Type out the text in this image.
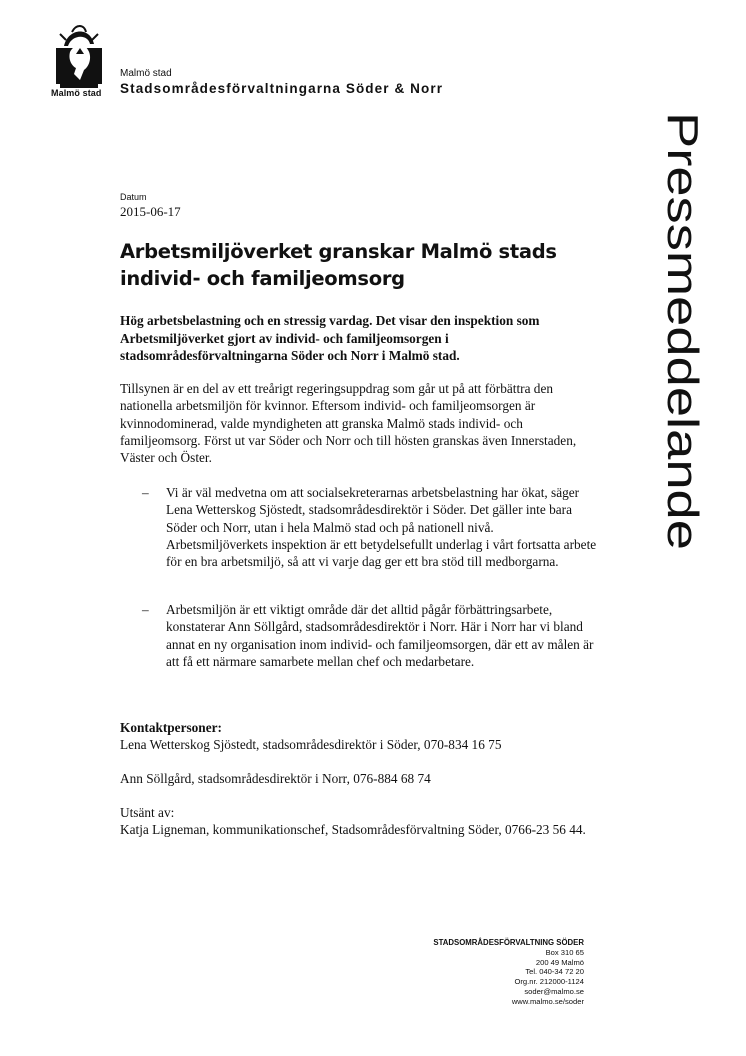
Malmö stad
Malmö stad
Stadsområdesförvaltningarna Söder & Norr
Pressmeddelande
Datum
2015-06-17
Arbetsmiljöverket granskar Malmö stads
individ- och familjeomsorg
Hög arbetsbelastning och en stressig vardag. Det visar den inspektion som Arbetsmiljöverket gjort av individ- och familjeomsorgen i stadsområdesförvaltningarna Söder och Norr i Malmö stad.
Tillsynen är en del av ett treårigt regeringsuppdrag som går ut på att förbättra den nationella arbetsmiljön för kvinnor. Eftersom individ- och familjeomsorgen är kvinnodominerad, valde myndigheten att granska Malmö stads individ- och familjeomsorg. Först ut var Söder och Norr och till hösten granskas även Innerstaden, Väster och Öster.
– Vi är väl medvetna om att socialsekreterarnas arbetsbelastning har ökat, säger Lena Wetterskog Sjöstedt, stadsområdesdirektör i Söder. Det gäller inte bara Söder och Norr, utan i hela Malmö stad och på nationell nivå. Arbetsmiljöverkets inspektion är ett betydelsefullt underlag i vårt fortsatta arbete för en bra arbetsmiljö, så att vi varje dag ger ett bra stöd till medborgarna.
– Arbetsmiljön är ett viktigt område där det alltid pågår förbättringsarbete, konstaterar Ann Söllgård, stadsområdesdirektör i Norr. Här i Norr har vi bland annat en ny organisation inom individ- och familjeomsorgen, där ett av målen är att få ett närmare samarbete mellan chef och medarbetare.
Kontaktpersoner:
Lena Wetterskog Sjöstedt, stadsområdesdirektör i Söder, 070-834 16 75
Ann Söllgård, stadsområdesdirektör i Norr, 076-884 68 74
Utsänt av:
Katja Ligneman, kommunikationschef, Stadsområdesförvaltning Söder, 0766-23 56 44.
STADSOMRÅDESFÖRVALTNING SÖDER
Box 310 65
200 49 Malmö
Tel. 040-34 72 20
Org.nr. 212000-1124
soder@malmo.se
www.malmo.se/soder
